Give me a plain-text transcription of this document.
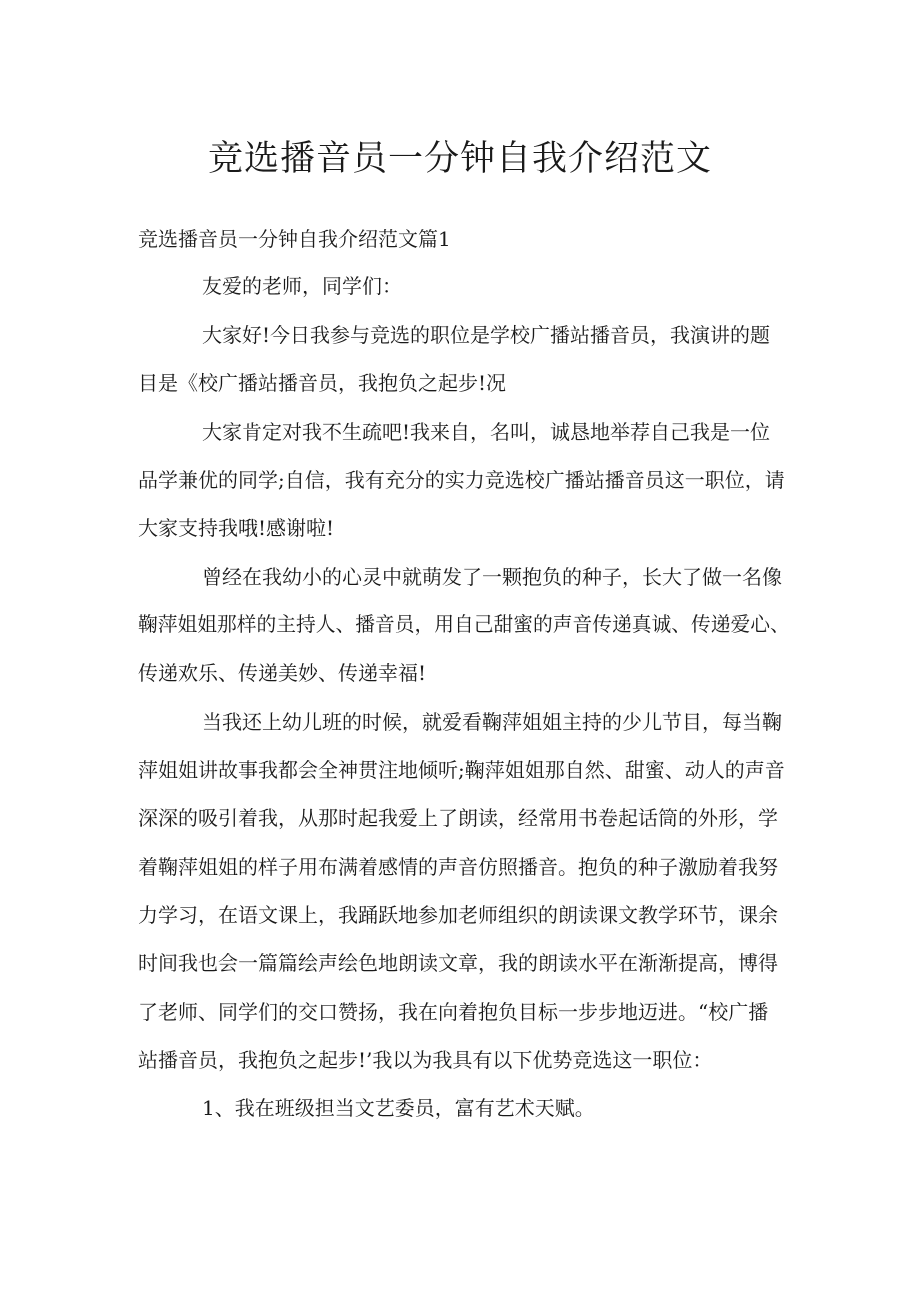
竞选播音员一分钟自我介绍范文

竞选播音员一分钟自我介绍范文篇1

友爱的老师，同学们：

大家好!今日我参与竞选的职位是学校广播站播音员，我演讲的题

目是《校广播站播音员，我抱负之起步!况

大家肯定对我不生疏吧!我来自，名叫，诚恳地举荐自己我是一位

品学兼优的同学;自信，我有充分的实力竞选校广播站播音员这一职位，请

大家支持我哦!感谢啦!

曾经在我幼小的心灵中就萌发了一颗抱负的种子，长大了做一名像

鞠萍姐姐那样的主持人、播音员，用自己甜蜜的声音传递真诚、传递爱心、

传递欢乐、传递美妙、传递幸福!

当我还上幼儿班的时候，就爱看鞠萍姐姐主持的少儿节目，每当鞠

萍姐姐讲故事我都会全神贯注地倾听;鞠萍姐姐那自然、甜蜜、动人的声音

深深的吸引着我，从那时起我爱上了朗读，经常用书卷起话筒的外形，学

着鞠萍姐姐的样子用布满着感情的声音仿照播音。抱负的种子激励着我努

力学习，在语文课上，我踊跃地参加老师组织的朗读课文教学环节，课余

时间我也会一篇篇绘声绘色地朗读文章，我的朗读水平在渐渐提高，博得

了老师、同学们的交口赞扬，我在向着抱负目标一步步地迈进。“校广播

站播音员，我抱负之起步!’我以为我具有以下优势竞选这一职位：

1、我在班级担当文艺委员，富有艺术天赋。
